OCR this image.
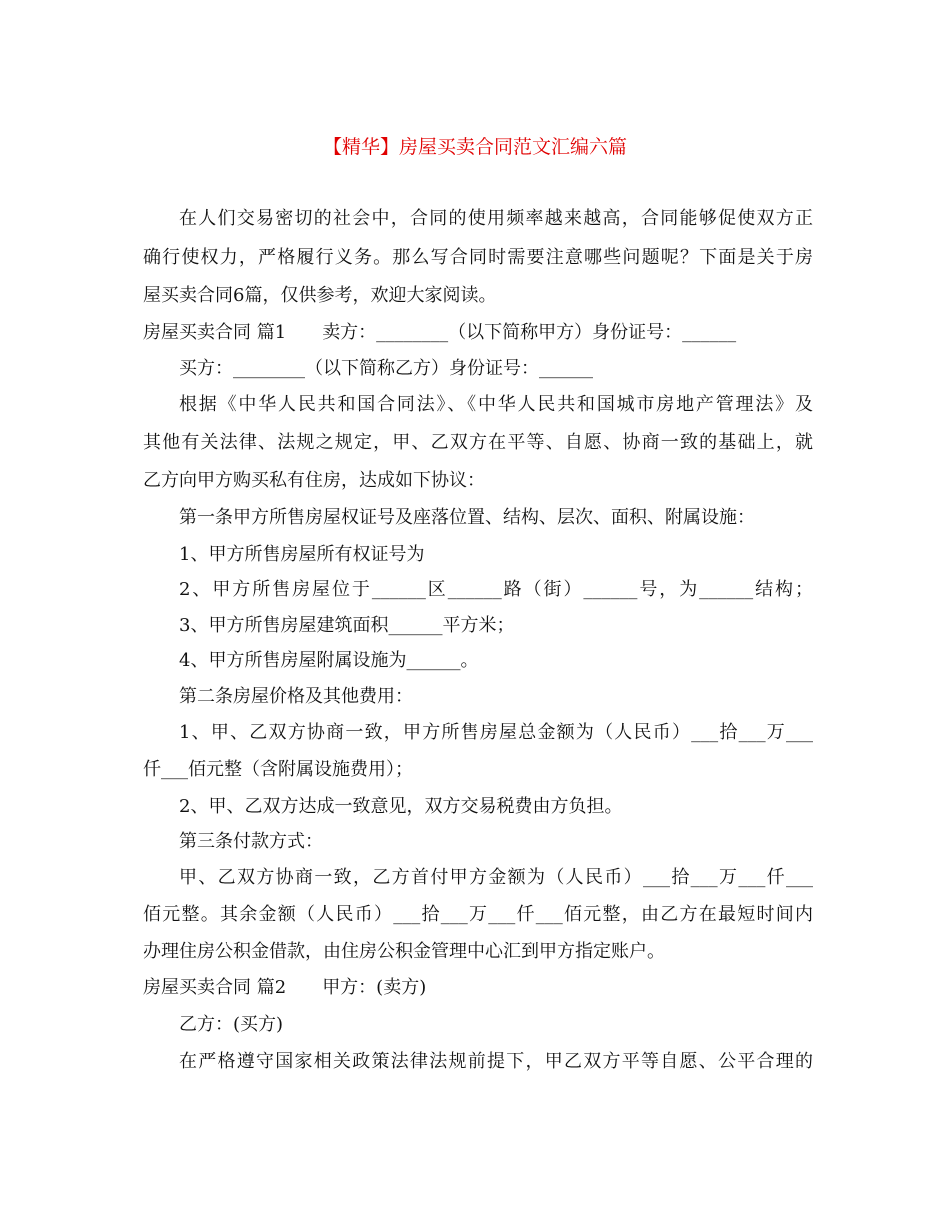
【精华】房屋买卖合同范文汇编六篇
在人们交易密切的社会中，合同的使用频率越来越高，合同能够促使双方正
确行使权力，严格履行义务。那么写合同时需要注意哪些问题呢？下面是关于房
屋买卖合同6篇，仅供参考，欢迎大家阅读。
房屋买卖合同 篇1 卖方：________（以下简称甲方）身份证号：______
买方：________（以下简称乙方）身份证号：______
根据《中华人民共和国合同法》、《中华人民共和国城市房地产管理法》及
其他有关法律、法规之规定，甲、乙双方在平等、自愿、协商一致的基础上，就
乙方向甲方购买私有住房，达成如下协议：
第一条甲方所售房屋权证号及座落位置、结构、层次、面积、附属设施：
1、甲方所售房屋所有权证号为
2、甲方所售房屋位于______区______路（街）______号，为______结构；
3、甲方所售房屋建筑面积______平方米；
4、甲方所售房屋附属设施为______。
第二条房屋价格及其他费用：
1、甲、乙双方协商一致，甲方所售房屋总金额为（人民币）___拾___万___
仟___佰元整（含附属设施费用）；
2、甲、乙双方达成一致意见，双方交易税费由方负担。
第三条付款方式：
甲、乙双方协商一致，乙方首付甲方金额为（人民币）___拾___万___仟___
佰元整。其余金额（人民币）___拾___万___仟___佰元整，由乙方在最短时间内
办理住房公积金借款，由住房公积金管理中心汇到甲方指定账户。
房屋买卖合同 篇2 甲方：(卖方)
乙方：(买方)
在严格遵守国家相关政策法律法规前提下，甲乙双方平等自愿、公平合理的
